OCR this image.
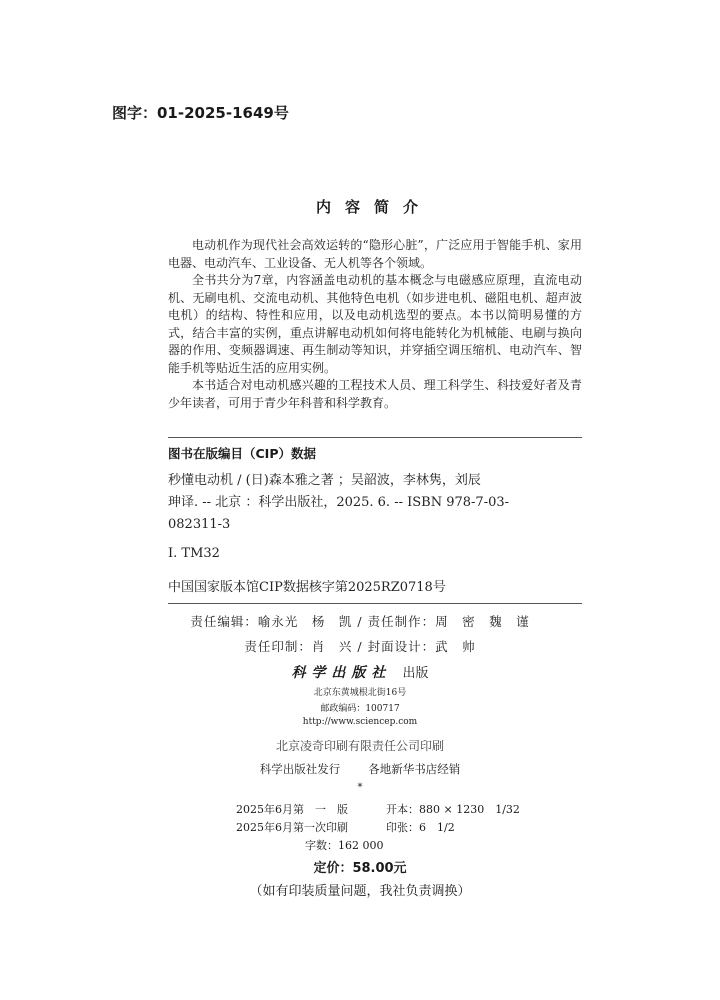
图字：01-2025-1649号
内容简介

电动机作为现代社会高效运转的“隐形心脏”，广泛应用于智能手机、家用电器、电动汽车、工业设备、无人机等各个领域。

全书共分为7章，内容涵盖电动机的基本概念与电磁感应原理，直流电动机、无刷电机、交流电动机、其他特色电机（如步进电机、磁阻电机、超声波电机）的结构、特性和应用，以及电动机选型的要点。本书以简明易懂的方式，结合丰富的实例，重点讲解电动机如何将电能转化为机械能、电刷与换向器的作用、变频器调速、再生制动等知识，并穿插空调压缩机、电动汽车、智能手机等贴近生活的应用实例。

本书适合对电动机感兴趣的工程技术人员、理工科学生、科技爱好者及青少年读者，可用于青少年科普和科学教育。

图书在版编目（CIP）数据
秒懂电动机 / (日)森本雅之著 ；吴韶波，李林隽，刘辰
珅译. -- 北京 ：科学出版社，2025. 6. -- ISBN 978-7-03-
082311-3
Ⅰ. TM32
中国国家版本馆CIP数据核字第2025RZ0718号
责任编辑：喻永光　杨　凯 / 责任制作：周　密　魏　谨
责任印制：肖　兴 / 封面设计：武　帅
科学出版社 出版
北京东黄城根北街16号
邮政编码：100717
http://www.sciencep.com
北京凌奇印刷有限责任公司印刷
科学出版社发行 各地新华书店经销
*
2025年6月第　一　版	开本：880 × 1230　1/32
2025年6月第一次印刷	印张：6　1/2
字数：162 000
定价：58.00元
（如有印装质量问题，我社负责调换）
